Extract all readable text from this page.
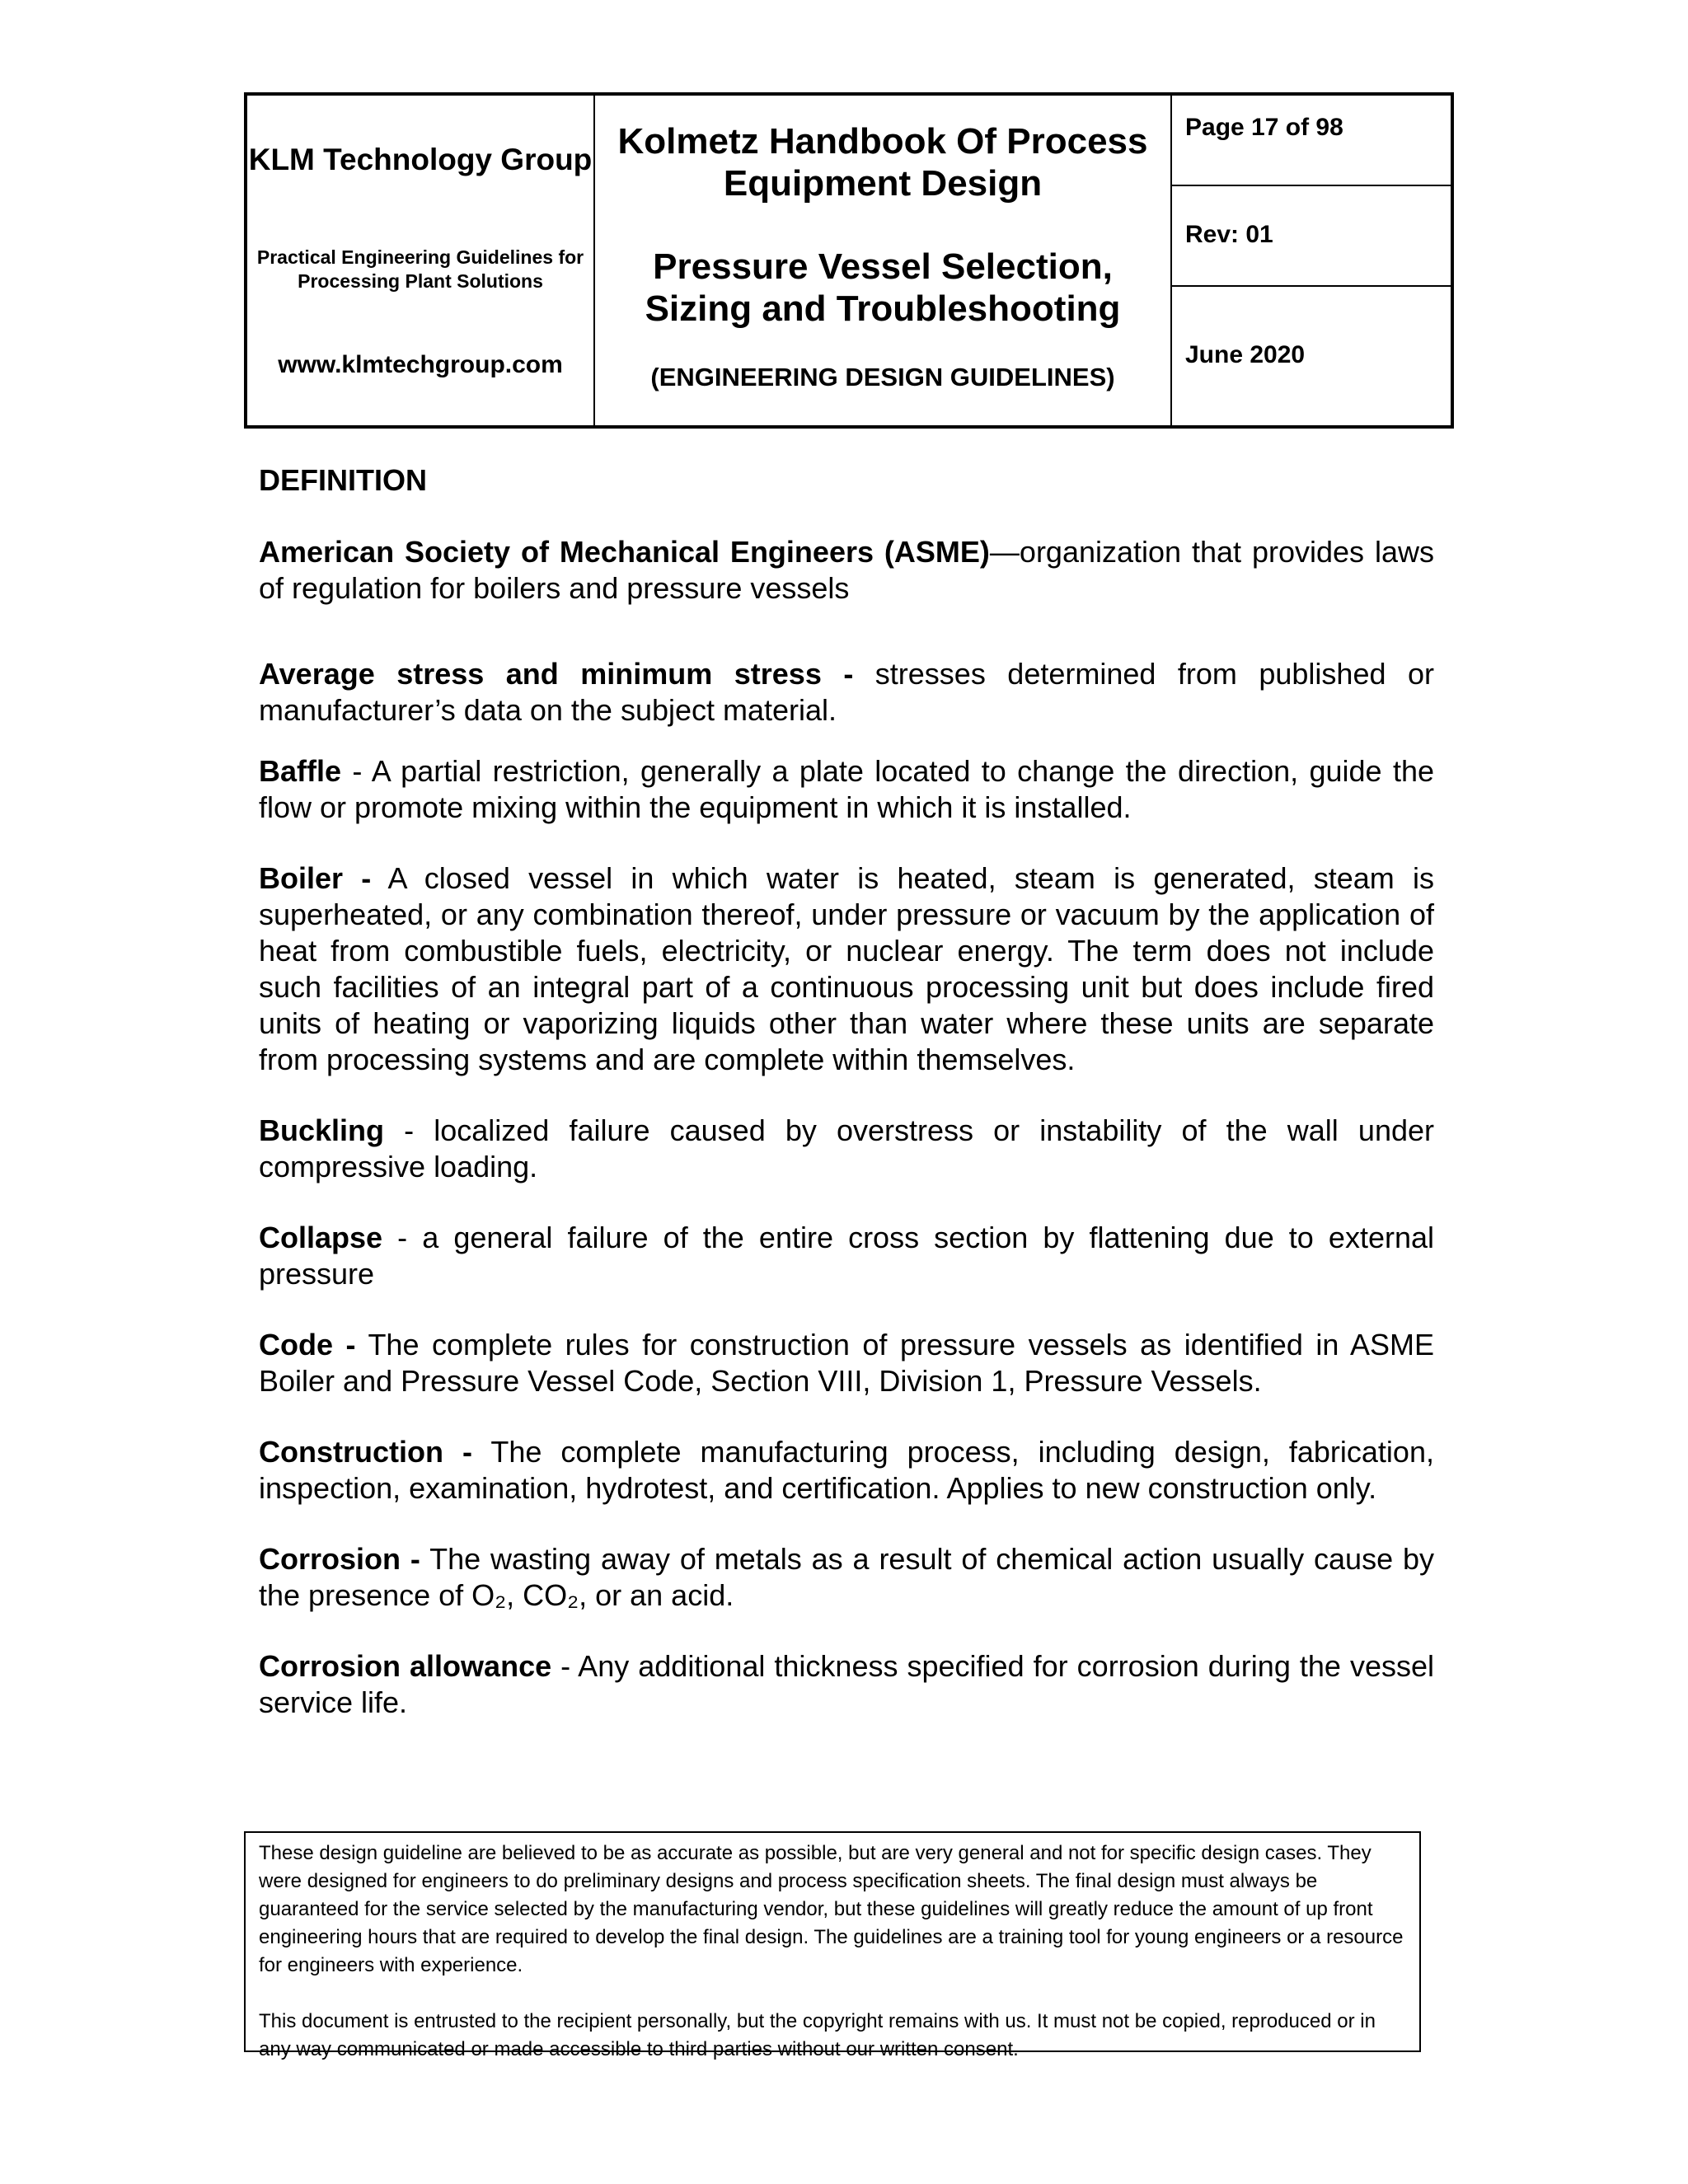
KLM Technology Group
Practical Engineering Guidelines for Processing Plant Solutions
www.klmtechgroup.com
Kolmetz Handbook Of Process Equipment Design
Pressure Vessel Selection, Sizing and Troubleshooting
(ENGINEERING DESIGN GUIDELINES)
Page 17 of 98
Rev: 01
June 2020
DEFINITION

American Society of Mechanical Engineers (ASME)—organization that provides laws of regulation for boilers and pressure vessels

Average stress and minimum stress - stresses determined from published or manufacturer’s data on the subject material.

Baffle - A partial restriction, generally a plate located to change the direction, guide the flow or promote mixing within the equipment in which it is installed.

Boiler - A closed vessel in which water is heated, steam is generated, steam is superheated, or any combination thereof, under pressure or vacuum by the application of heat from combustible fuels, electricity, or nuclear energy. The term does not include such facilities of an integral part of a continuous processing unit but does include fired units of heating or vaporizing liquids other than water where these units are separate from processing systems and are complete within themselves.

Buckling - localized failure caused by overstress or instability of the wall under compressive loading.

Collapse - a general failure of the entire cross section by flattening due to external pressure

Code - The complete rules for construction of pressure vessels as identified in ASME Boiler and Pressure Vessel Code, Section VIII, Division 1, Pressure Vessels.

Construction - The complete manufacturing process, including design, fabrication, inspection, examination, hydrotest, and certification. Applies to new construction only.

Corrosion - The wasting away of metals as a result of chemical action usually cause by the presence of O₂, CO₂, or an acid.

Corrosion allowance - Any additional thickness specified for corrosion during the vessel service life.

These design guideline are believed to be as accurate as possible, but are very general and not for specific design cases. They were designed for engineers to do preliminary designs and process specification sheets. The final design must always be guaranteed for the service selected by the manufacturing vendor, but these guidelines will greatly reduce the amount of up front engineering hours that are required to develop the final design. The guidelines are a training tool for young engineers or a resource for engineers with experience.

This document is entrusted to the recipient personally, but the copyright remains with us. It must not be copied, reproduced or in any way communicated or made accessible to third parties without our written consent.
